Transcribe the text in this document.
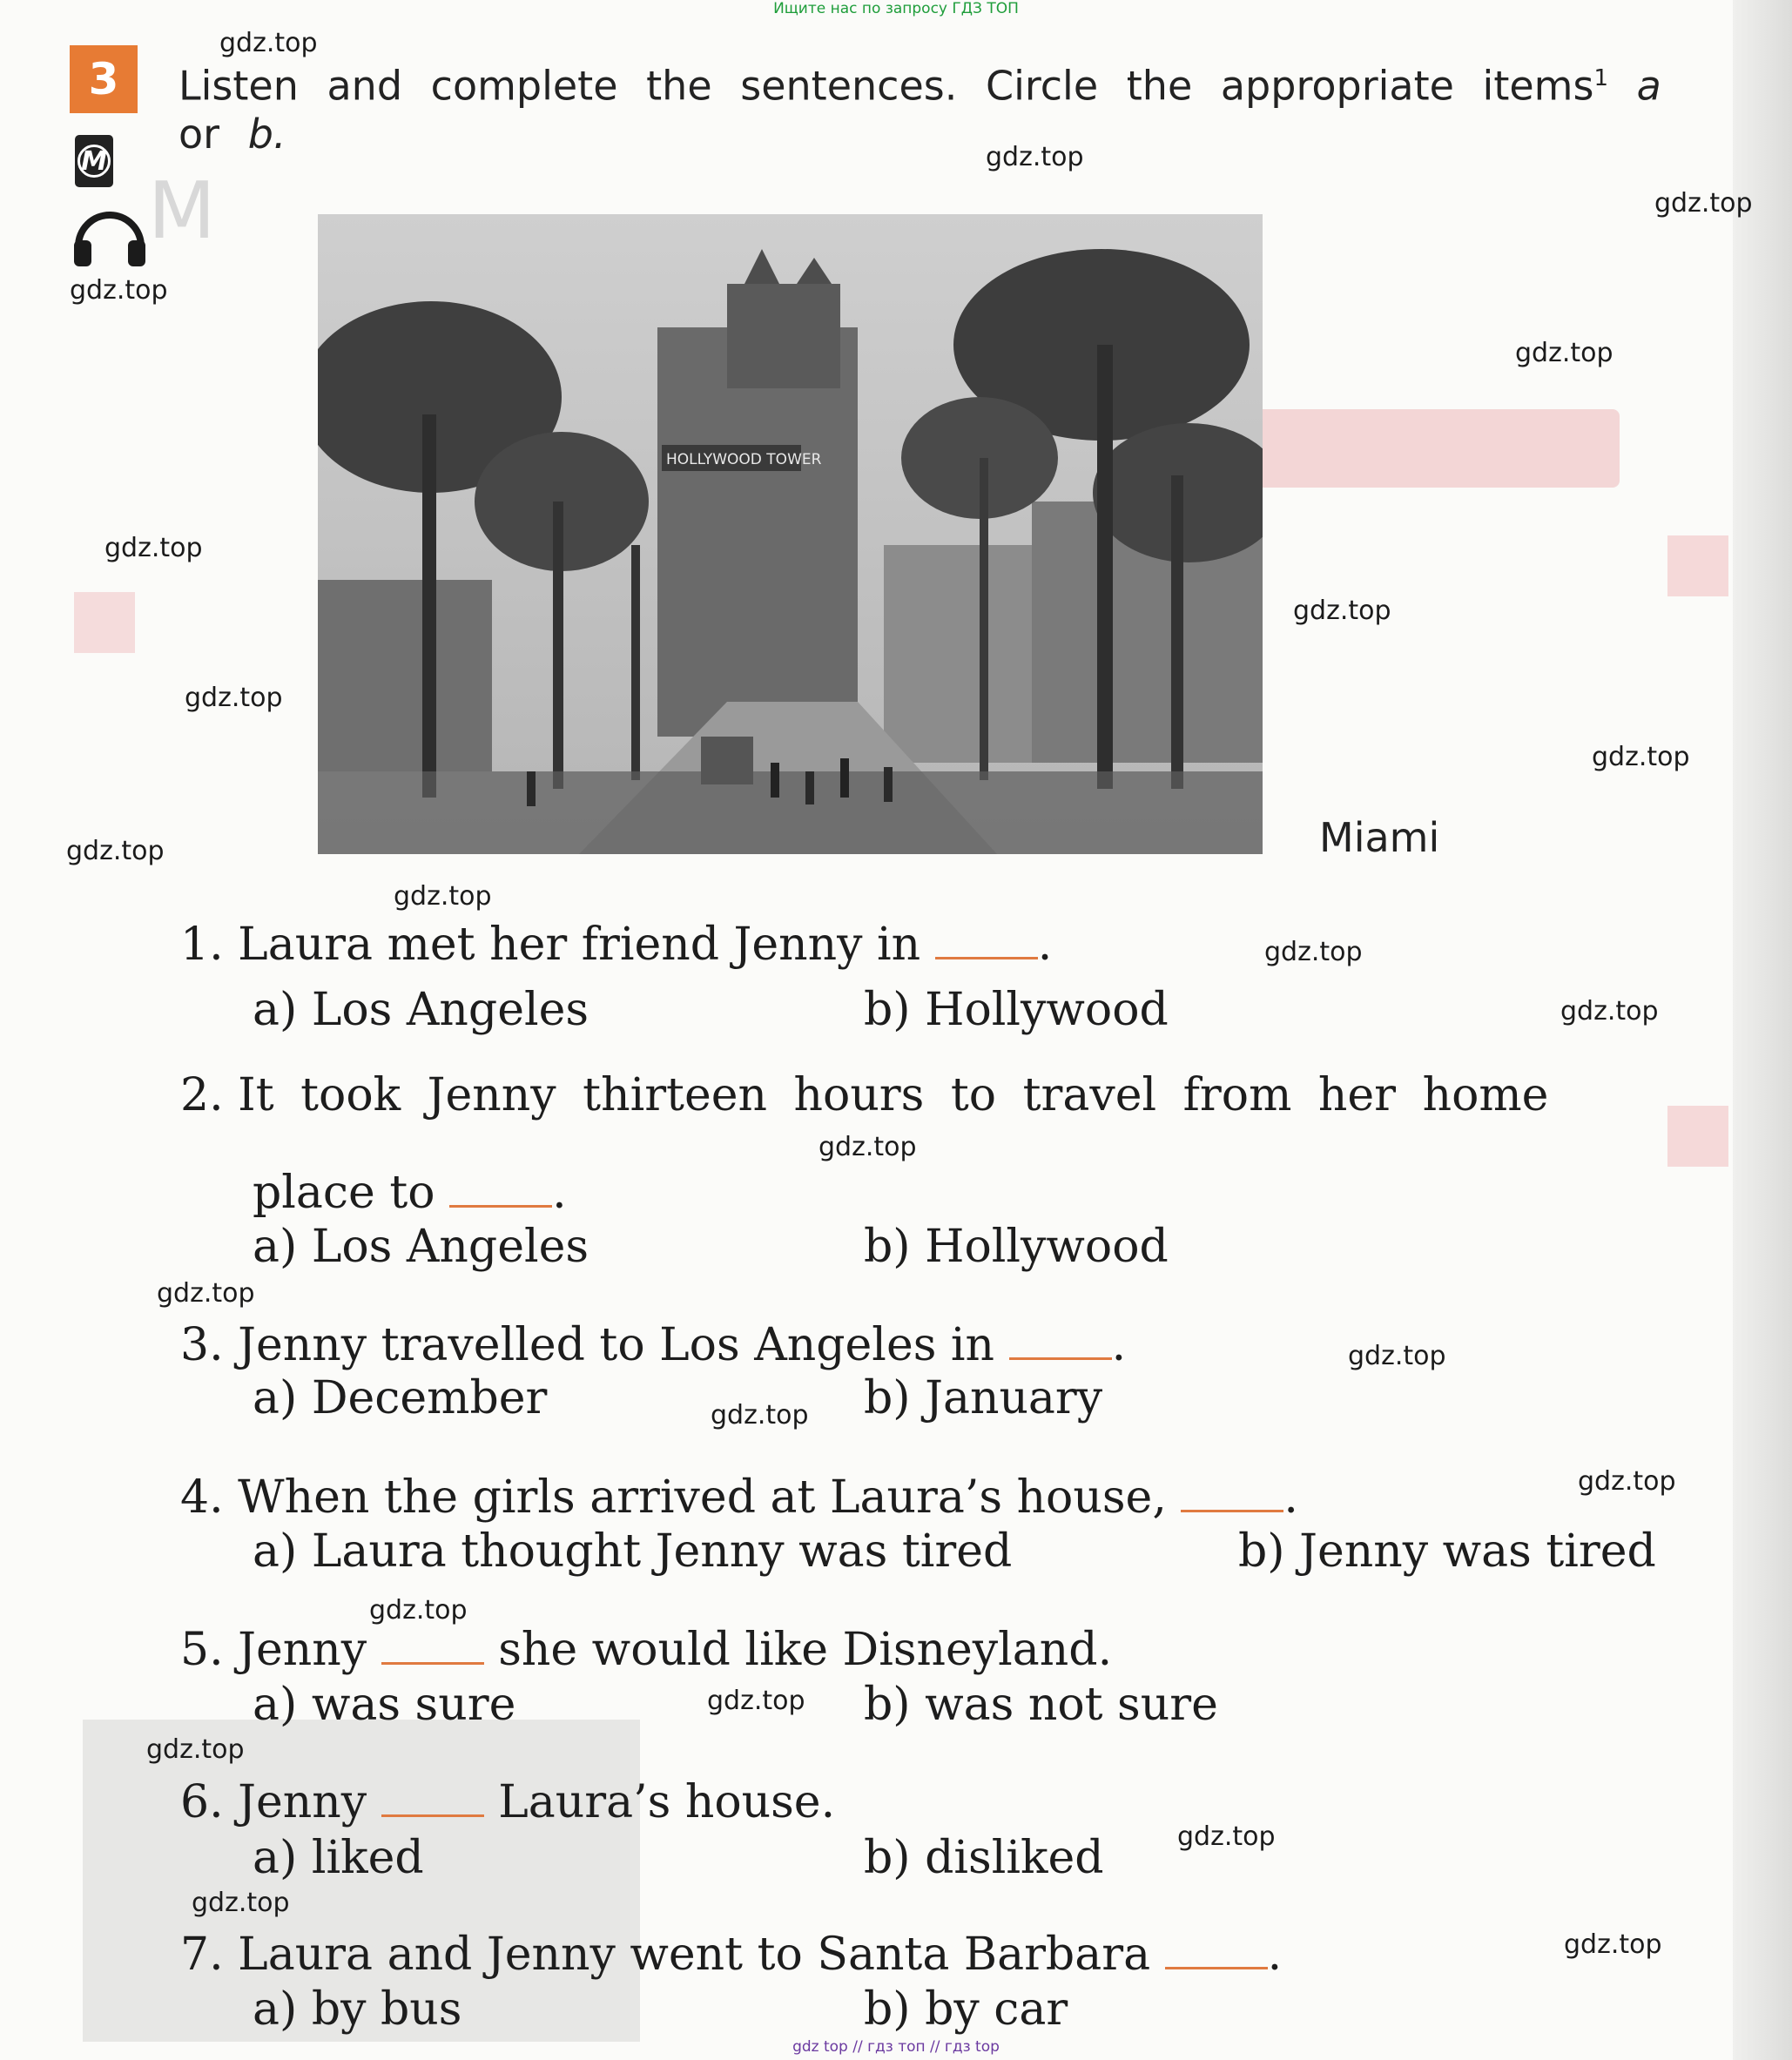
M
Ищите нас по запросу ГДЗ ТОП
gdz top // гдз топ // гдз top
3
M
Listen and complete the sentences. Circle the appropriate items$^1$ a
or b.
HOLLYWOOD TOWER
Miami
1. Laura met her friend Jenny in	.
a) Los Angeles	b) Hollywood
2. It took Jenny thirteen hours to travel from her home
place to	.
a) Los Angeles	b) Hollywood
3. Jenny travelled to Los Angeles in	.
a) December	b) January
4. When the girls arrived at Laura’s house,	.
a) Laura thought Jenny was tired	b) Jenny was tired
5. Jenny	she would like Disneyland.
a) was sure	b) was not sure
6. Jenny	Laura’s house.
a) liked	b) disliked
7. Laura and Jenny went to Santa Barbara	.
a) by bus	b) by car
gdz.top
gdz.top
gdz.top
gdz.top
gdz.top
gdz.top
gdz.top
gdz.top
gdz.top
gdz.top
gdz.top
gdz.top
gdz.top
gdz.top
gdz.top
gdz.top
gdz.top
gdz.top
gdz.top
gdz.top
gdz.top
gdz.top
gdz.top
gdz.top
